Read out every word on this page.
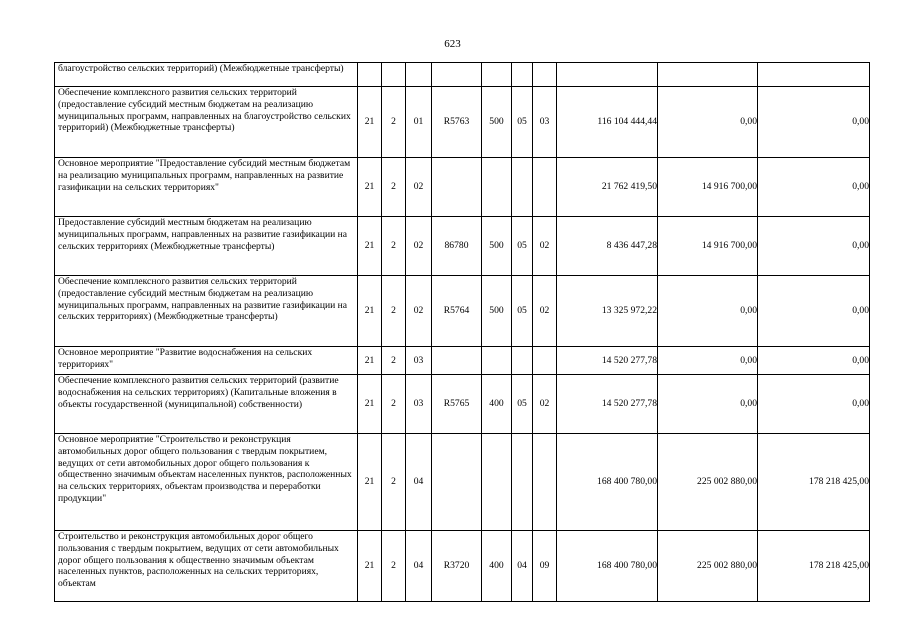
623
благоустройство сельских территорий) (Межбюджетные трансферты)										
Обеспечение комплексного развития сельских территорий (предоставление субсидий местным бюджетам на реализацию муниципальных программ, направленных на благоустройство сельских территорий) (Межбюджетные трансферты)	21	2	01	R5763	500	05	03	116 104 444,44	0,00	0,00
Основное мероприятие "Предоставление субсидий местным бюджетам на реализацию муниципальных программ, направленных на развитие газификации на сельских территориях"	21	2	02					21 762 419,50	14 916 700,00	0,00
Предоставление субсидий местным бюджетам на реализацию муниципальных программ, направленных на развитие газификации на сельских территориях (Межбюджетные трансферты)	21	2	02	86780	500	05	02	8 436 447,28	14 916 700,00	0,00
Обеспечение комплексного развития сельских территорий (предоставление субсидий местным бюджетам на реализацию муниципальных программ, направленных на развитие газификации на сельских территориях) (Межбюджетные трансферты)	21	2	02	R5764	500	05	02	13 325 972,22	0,00	0,00
Основное мероприятие "Развитие водоснабжения на сельских территориях"	21	2	03					14 520 277,78	0,00	0,00
Обеспечение комплексного развития сельских территорий (развитие водоснабжения на сельских территориях) (Капитальные вложения в объекты государственной (муниципальной) собственности)	21	2	03	R5765	400	05	02	14 520 277,78	0,00	0,00
Основное мероприятие "Строительство и реконструкция автомобильных дорог общего пользования с твердым покрытием, ведущих от сети автомобильных дорог общего пользования к общественно значимым объектам населенных пунктов, расположенных на сельских территориях, объектам производства и переработки продукции"	21	2	04					168 400 780,00	225 002 880,00	178 218 425,00
Строительство и реконструкция автомобильных дорог общего пользования с твердым покрытием, ведущих от сети автомобильных дорог общего пользования к общественно значимым объектам населенных пунктов, расположенных на сельских территориях, объектам	21	2	04	R3720	400	04	09	168 400 780,00	225 002 880,00	178 218 425,00
